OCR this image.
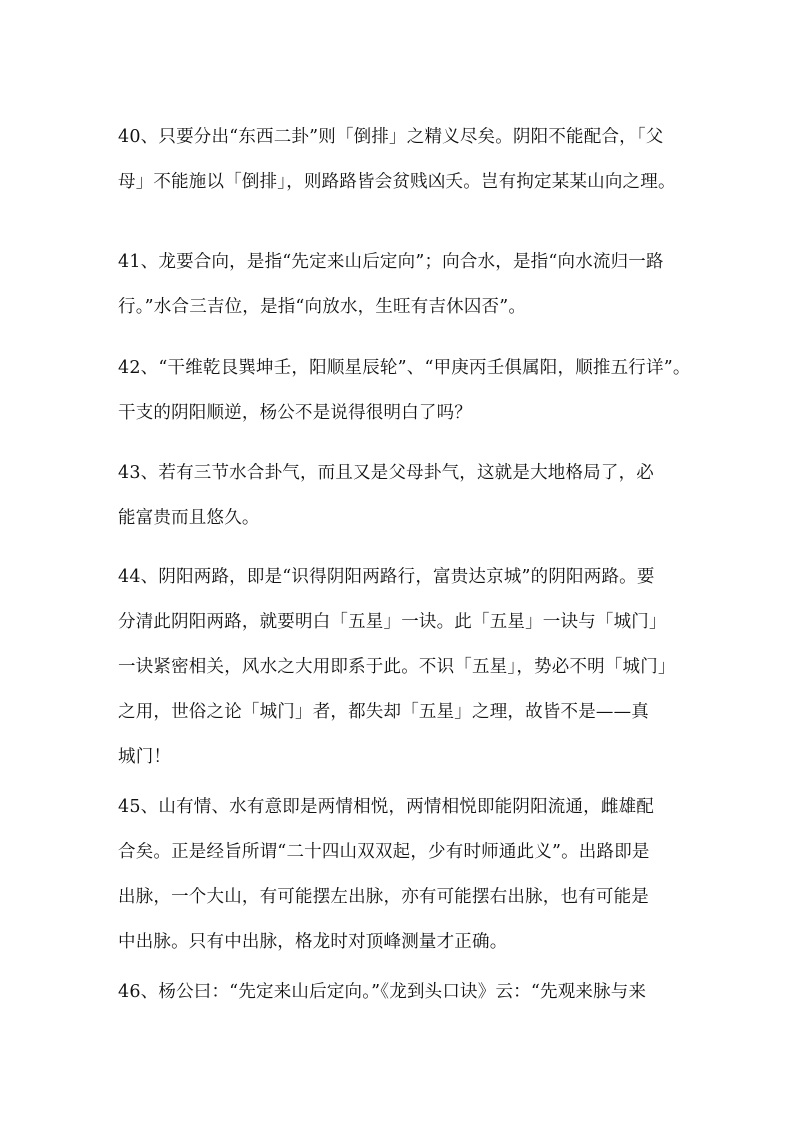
40、只要分出“东西二卦”则「倒排」之精义尽矣。阴阳不能配合，「父
母」不能施以「倒排」，则路路皆会贫贱凶夭。岂有拘定某某山向之理。
41、龙要合向，是指“先定来山后定向”；向合水，是指“向水流归一路
行。”水合三吉位，是指“向放水，生旺有吉休囚否”。
42、“干维乾艮巽坤壬，阳顺星辰轮”、“甲庚丙壬俱属阳，顺推五行详”。
干支的阴阳顺逆，杨公不是说得很明白了吗？
43、若有三节水合卦气，而且又是父母卦气，这就是大地格局了，必
能富贵而且悠久。
44、阴阳两路，即是“识得阴阳两路行，富贵达京城”的阴阳两路。要
分清此阴阳两路，就要明白「五星」一诀。此「五星」一诀与「城门」
一诀紧密相关，风水之大用即系于此。不识「五星」，势必不明「城门」
之用，世俗之论「城门」者，都失却「五星」之理，故皆不是——真
城门！
45、山有情、水有意即是两情相悦，两情相悦即能阴阳流通，雌雄配
合矣。正是经旨所谓“二十四山双双起，少有时师通此义”。出路即是
出脉，一个大山，有可能摆左出脉，亦有可能摆右出脉，也有可能是
中出脉。只有中出脉，格龙时对顶峰测量才正确。
46、杨公曰：“先定来山后定向。”《龙到头口诀》云：“先观来脉与来
